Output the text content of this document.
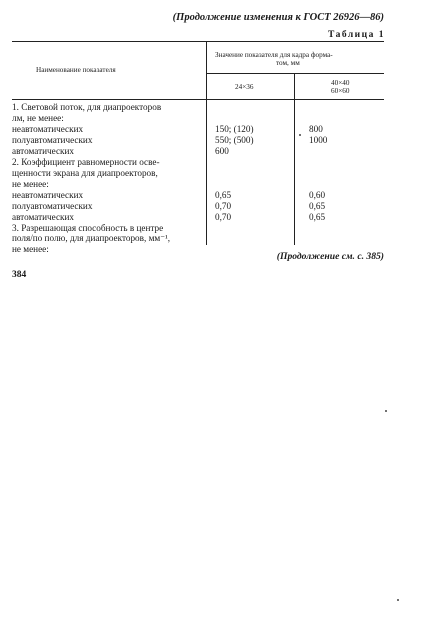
(Продолжение изменения к ГОСТ 26926—86)
Таблица 1
Наименование показателя
Значение показателя для кадра форма-
том, мм
24×36	40×40
60×60
1. Световой поток, для диапроекторов
лм, не менее:
неавтоматических	150; (120)	800
полуавтоматических	550; (500)	1000
автоматических	600
2. Коэффициент равномерности осве-
щенности экрана для диапроекторов,
не менее:
неавтоматических	0,65	0,60
полуавтоматических	0,70	0,65
автоматических	0,70	0,65
3. Разрешающая способность в центре
поля/по полю, для диапроекторов, мм⁻¹,
не менее:
(Продолжение см. с. 385)
384
